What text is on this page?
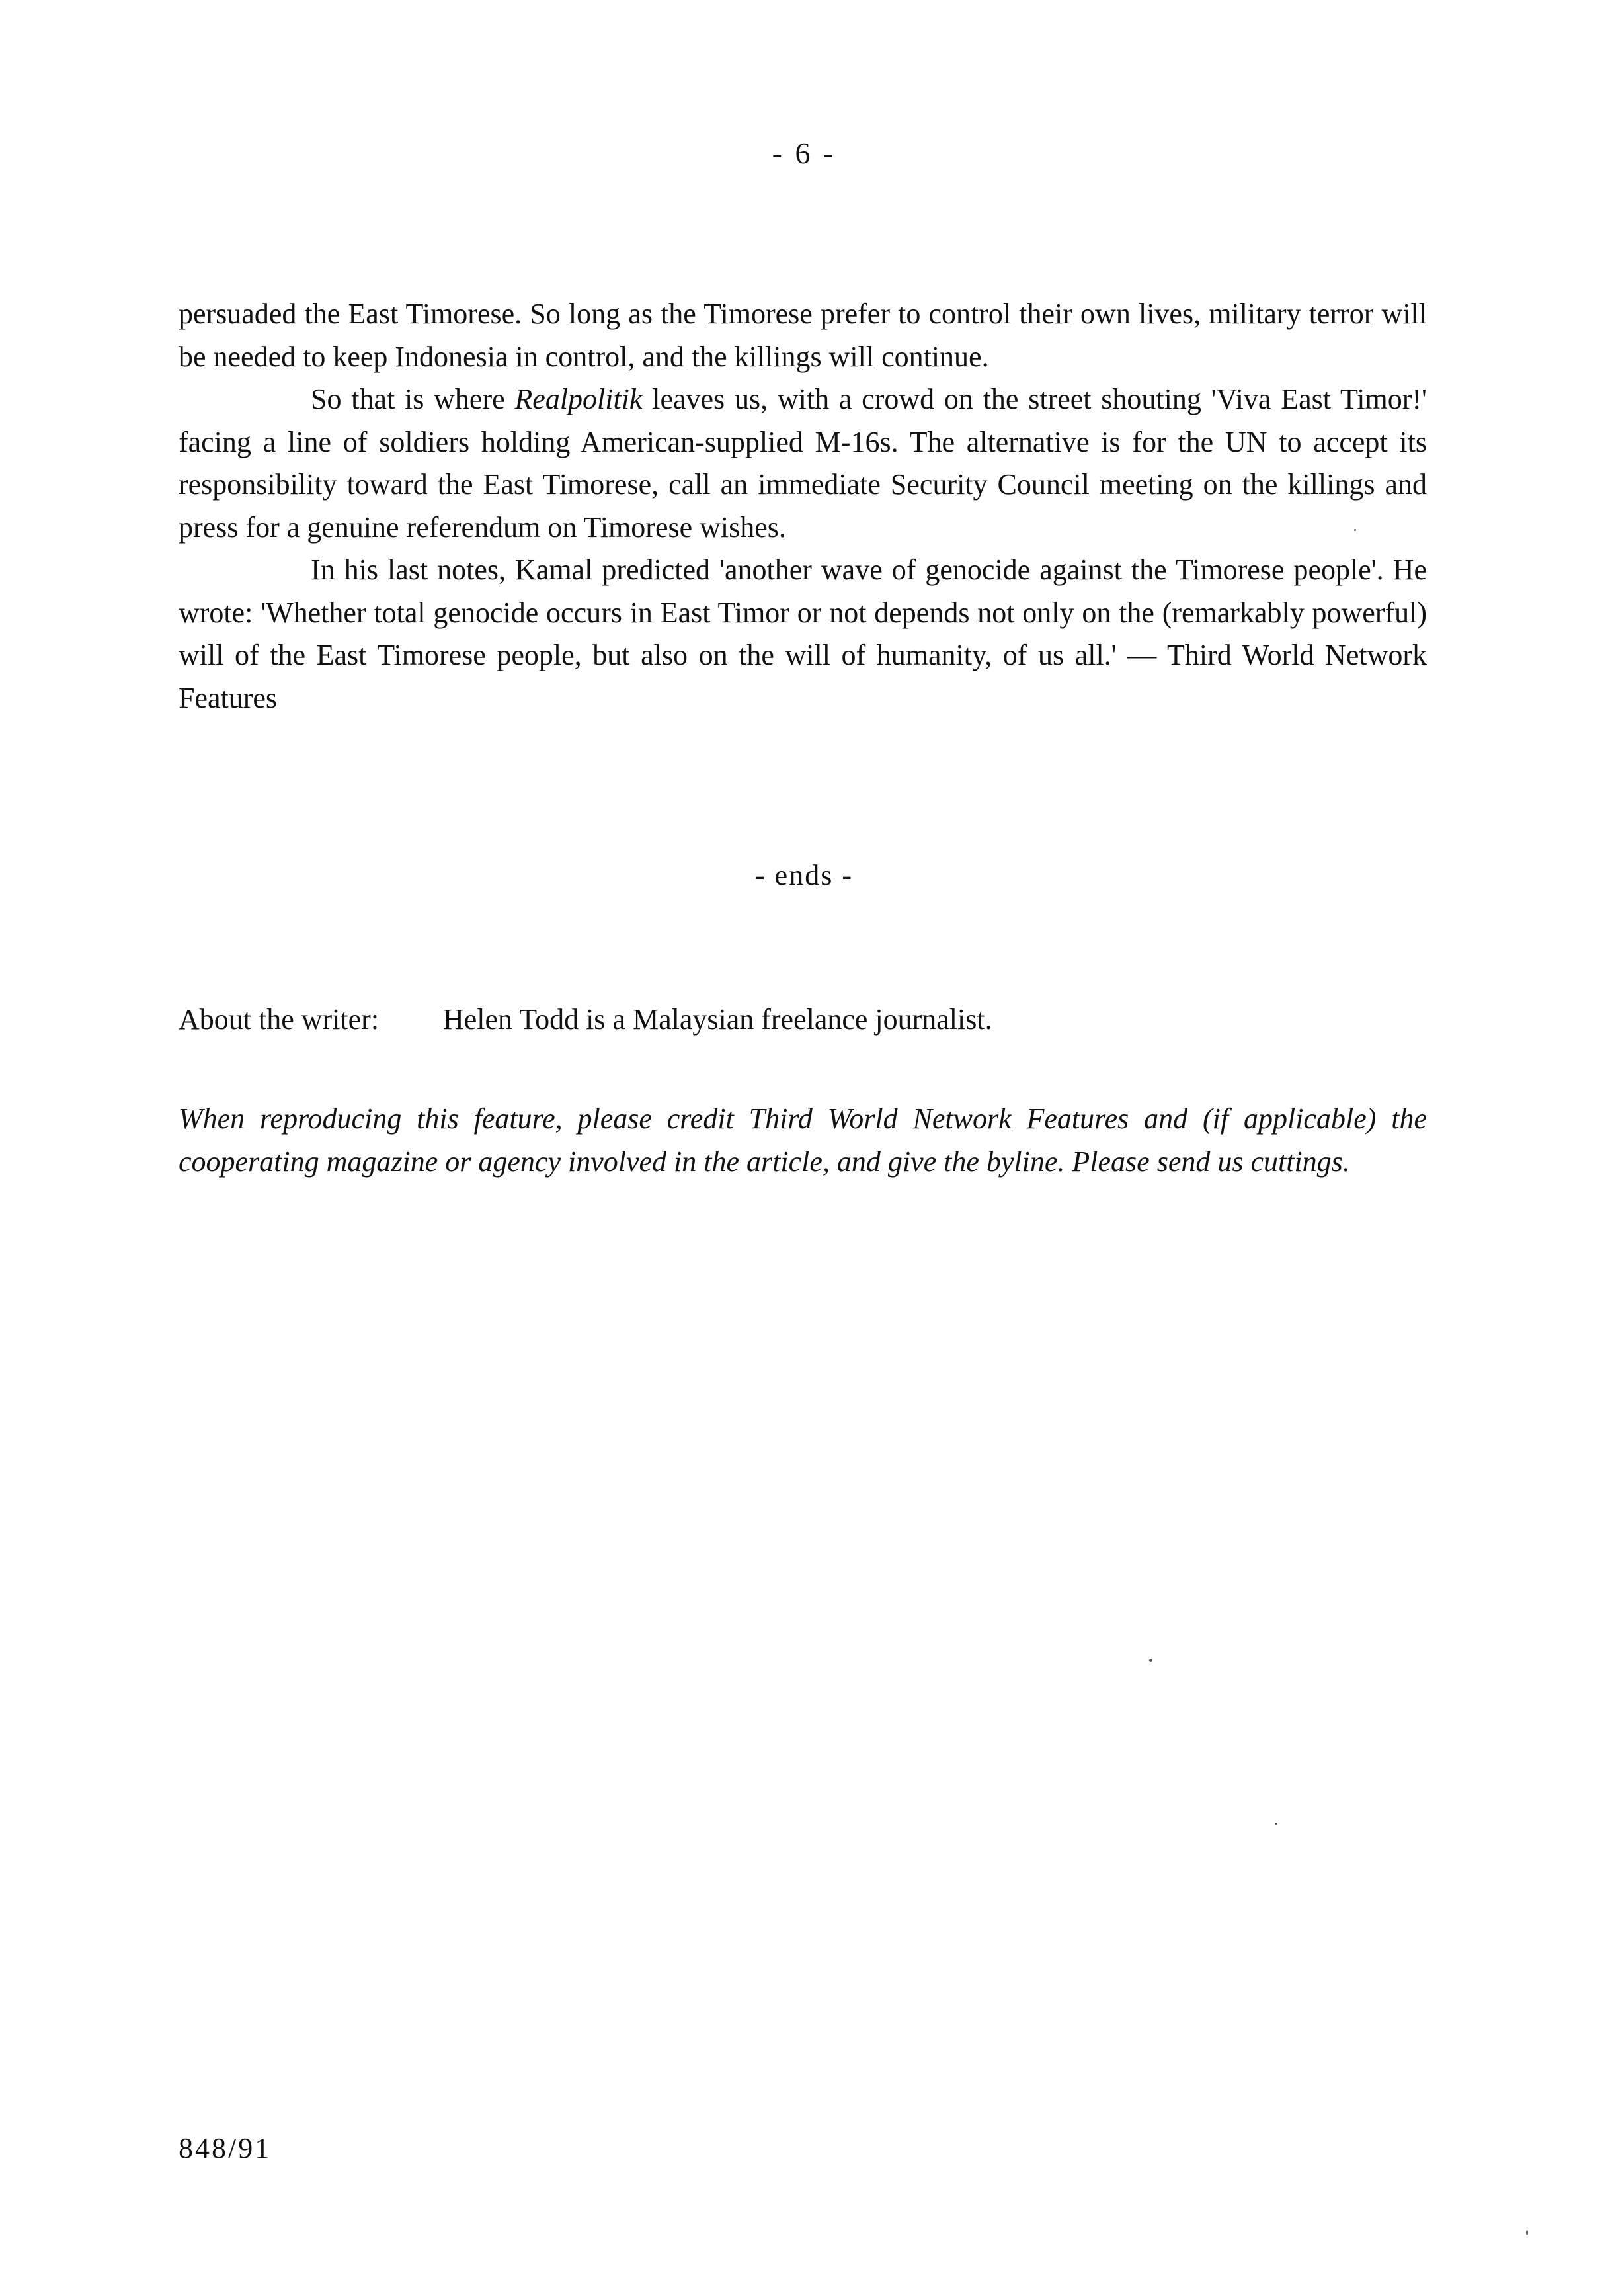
- 6 -

persuaded the East Timorese. So long as the Timorese prefer to control their own lives, military terror will be needed to keep Indonesia in control, and the killings will continue.

So that is where Realpolitik leaves us, with a crowd on the street shouting 'Viva East Timor!' facing a line of soldiers holding American-supplied M-16s. The alternative is for the UN to accept its responsibility toward the East Timorese, call an immediate Security Council meeting on the killings and press for a genuine referendum on Timorese wishes.

In his last notes, Kamal predicted 'another wave of genocide against the Timorese people'. He wrote: 'Whether total genocide occurs in East Timor or not depends not only on the (remarkably powerful) will of the East Timorese people, but also on the will of humanity, of us all.' — Third World Network Features

- ends -
About the writer: Helen Todd is a Malaysian freelance journalist.
When reproducing this feature, please credit Third World Network Features and (if applicable) the cooperating magazine or agency involved in the article, and give the byline. Please send us cuttings.
848/91
